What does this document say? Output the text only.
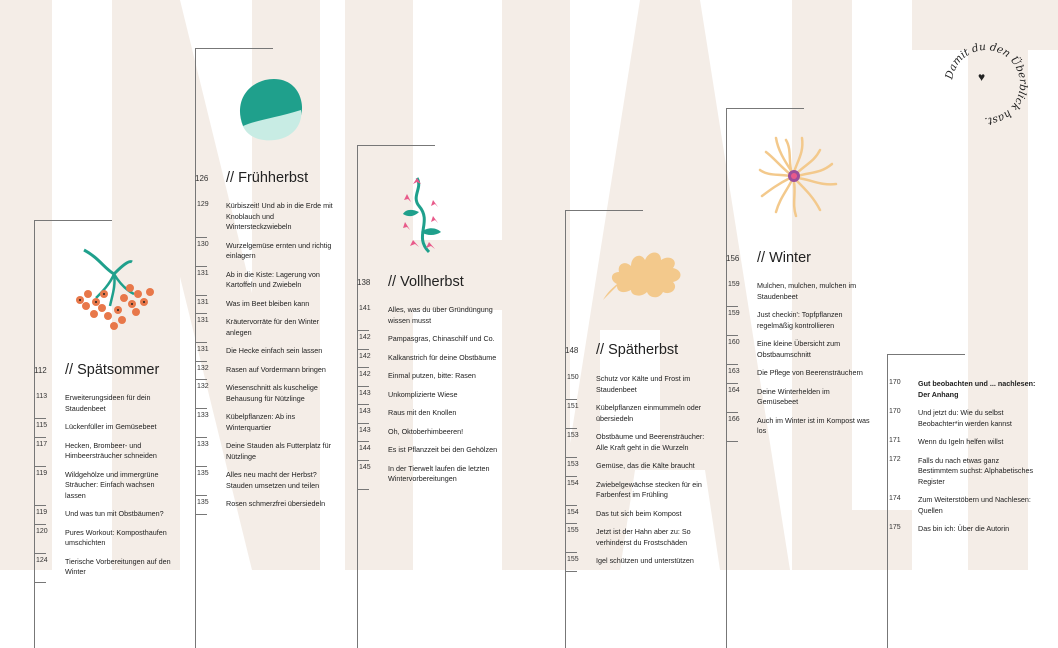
Damit du den Überblick hast.
♥
112 // Spätsommer
113 Erweiterungsideen für dein Staudenbeet
115 Lückenfüller im Gemüsebeet
117 Hecken, Brombeer- und Himbeersträucher schneiden
119 Wildgehölze und immergrüne Sträucher: Einfach wachsen lassen
119 Und was tun mit Obstbäumen?
120 Pures Workout: Komposthaufen umschichten
124 Tierische Vorbereitungen auf den Winter
126 // Frühherbst
129 Kürbiszeit! Und ab in die Erde mit Knoblauch und Wintersteckzwiebeln
130 Wurzelgemüse ernten und richtig einlagern
131 Ab in die Kiste: Lagerung von Kartoffeln und Zwiebeln
131 Was im Beet bleiben kann
131 Kräutervorräte für den Winter anlegen
131 Die Hecke einfach sein lassen
132 Rasen auf Vordermann bringen
132 Wiesenschnitt als kuschelige Behausung für Nützlinge
133 Kübelpflanzen: Ab ins Winterquartier
133 Deine Stauden als Futterplatz für Nützlinge
135 Alles neu macht der Herbst? Stauden umsetzen und teilen
135 Rosen schmerzfrei übersiedeln
138 // Vollherbst
141 Alles, was du über Gründüngung wissen musst
142 Pampasgras, Chinaschilf und Co.
142 Kalkanstrich für deine Obstbäume
142 Einmal putzen, bitte: Rasen
143 Unkomplizierte Wiese
143 Raus mit den Knollen
143 Oh, Oktoberhimbeeren!
144 Es ist Pflanzzeit bei den Gehölzen
145 In der Tierwelt laufen die letzten Wintervorbereitungen
148 // Spätherbst
150 Schutz vor Kälte und Frost im Staudenbeet
151 Kübelpflanzen einmummeln oder übersiedeln
153 Obstbäume und Beerensträucher: Alle Kraft geht in die Wurzeln
153 Gemüse, das die Kälte braucht
154 Zwiebelgewächse stecken für ein Farbenfest im Frühling
154 Das tut sich beim Kompost
155 Jetzt ist der Hahn aber zu: So verhinderst du Frostschäden
155 Igel schützen und unterstützen
156 // Winter
159 Mulchen, mulchen, mulchen im Staudenbeet
159 Just checkin': Topfpflanzen regelmäßig kontrollieren
160 Eine kleine Übersicht zum Obstbaumschnitt
163 Die Pflege von Beerensträuchern
164 Deine Winterhelden im Gemüsebeet
166 Auch im Winter ist im Kompost was los
170 Gut beobachten und ... nachlesen: Der Anhang
170 Und jetzt du: Wie du selbst Beobachter*in werden kannst
171 Wenn du Igeln helfen willst
172 Falls du nach etwas ganz Bestimmtem suchst: Alphabetisches Register
174 Zum Weiterstöbern und Nachlesen: Quellen
175 Das bin ich: Über die Autorin
